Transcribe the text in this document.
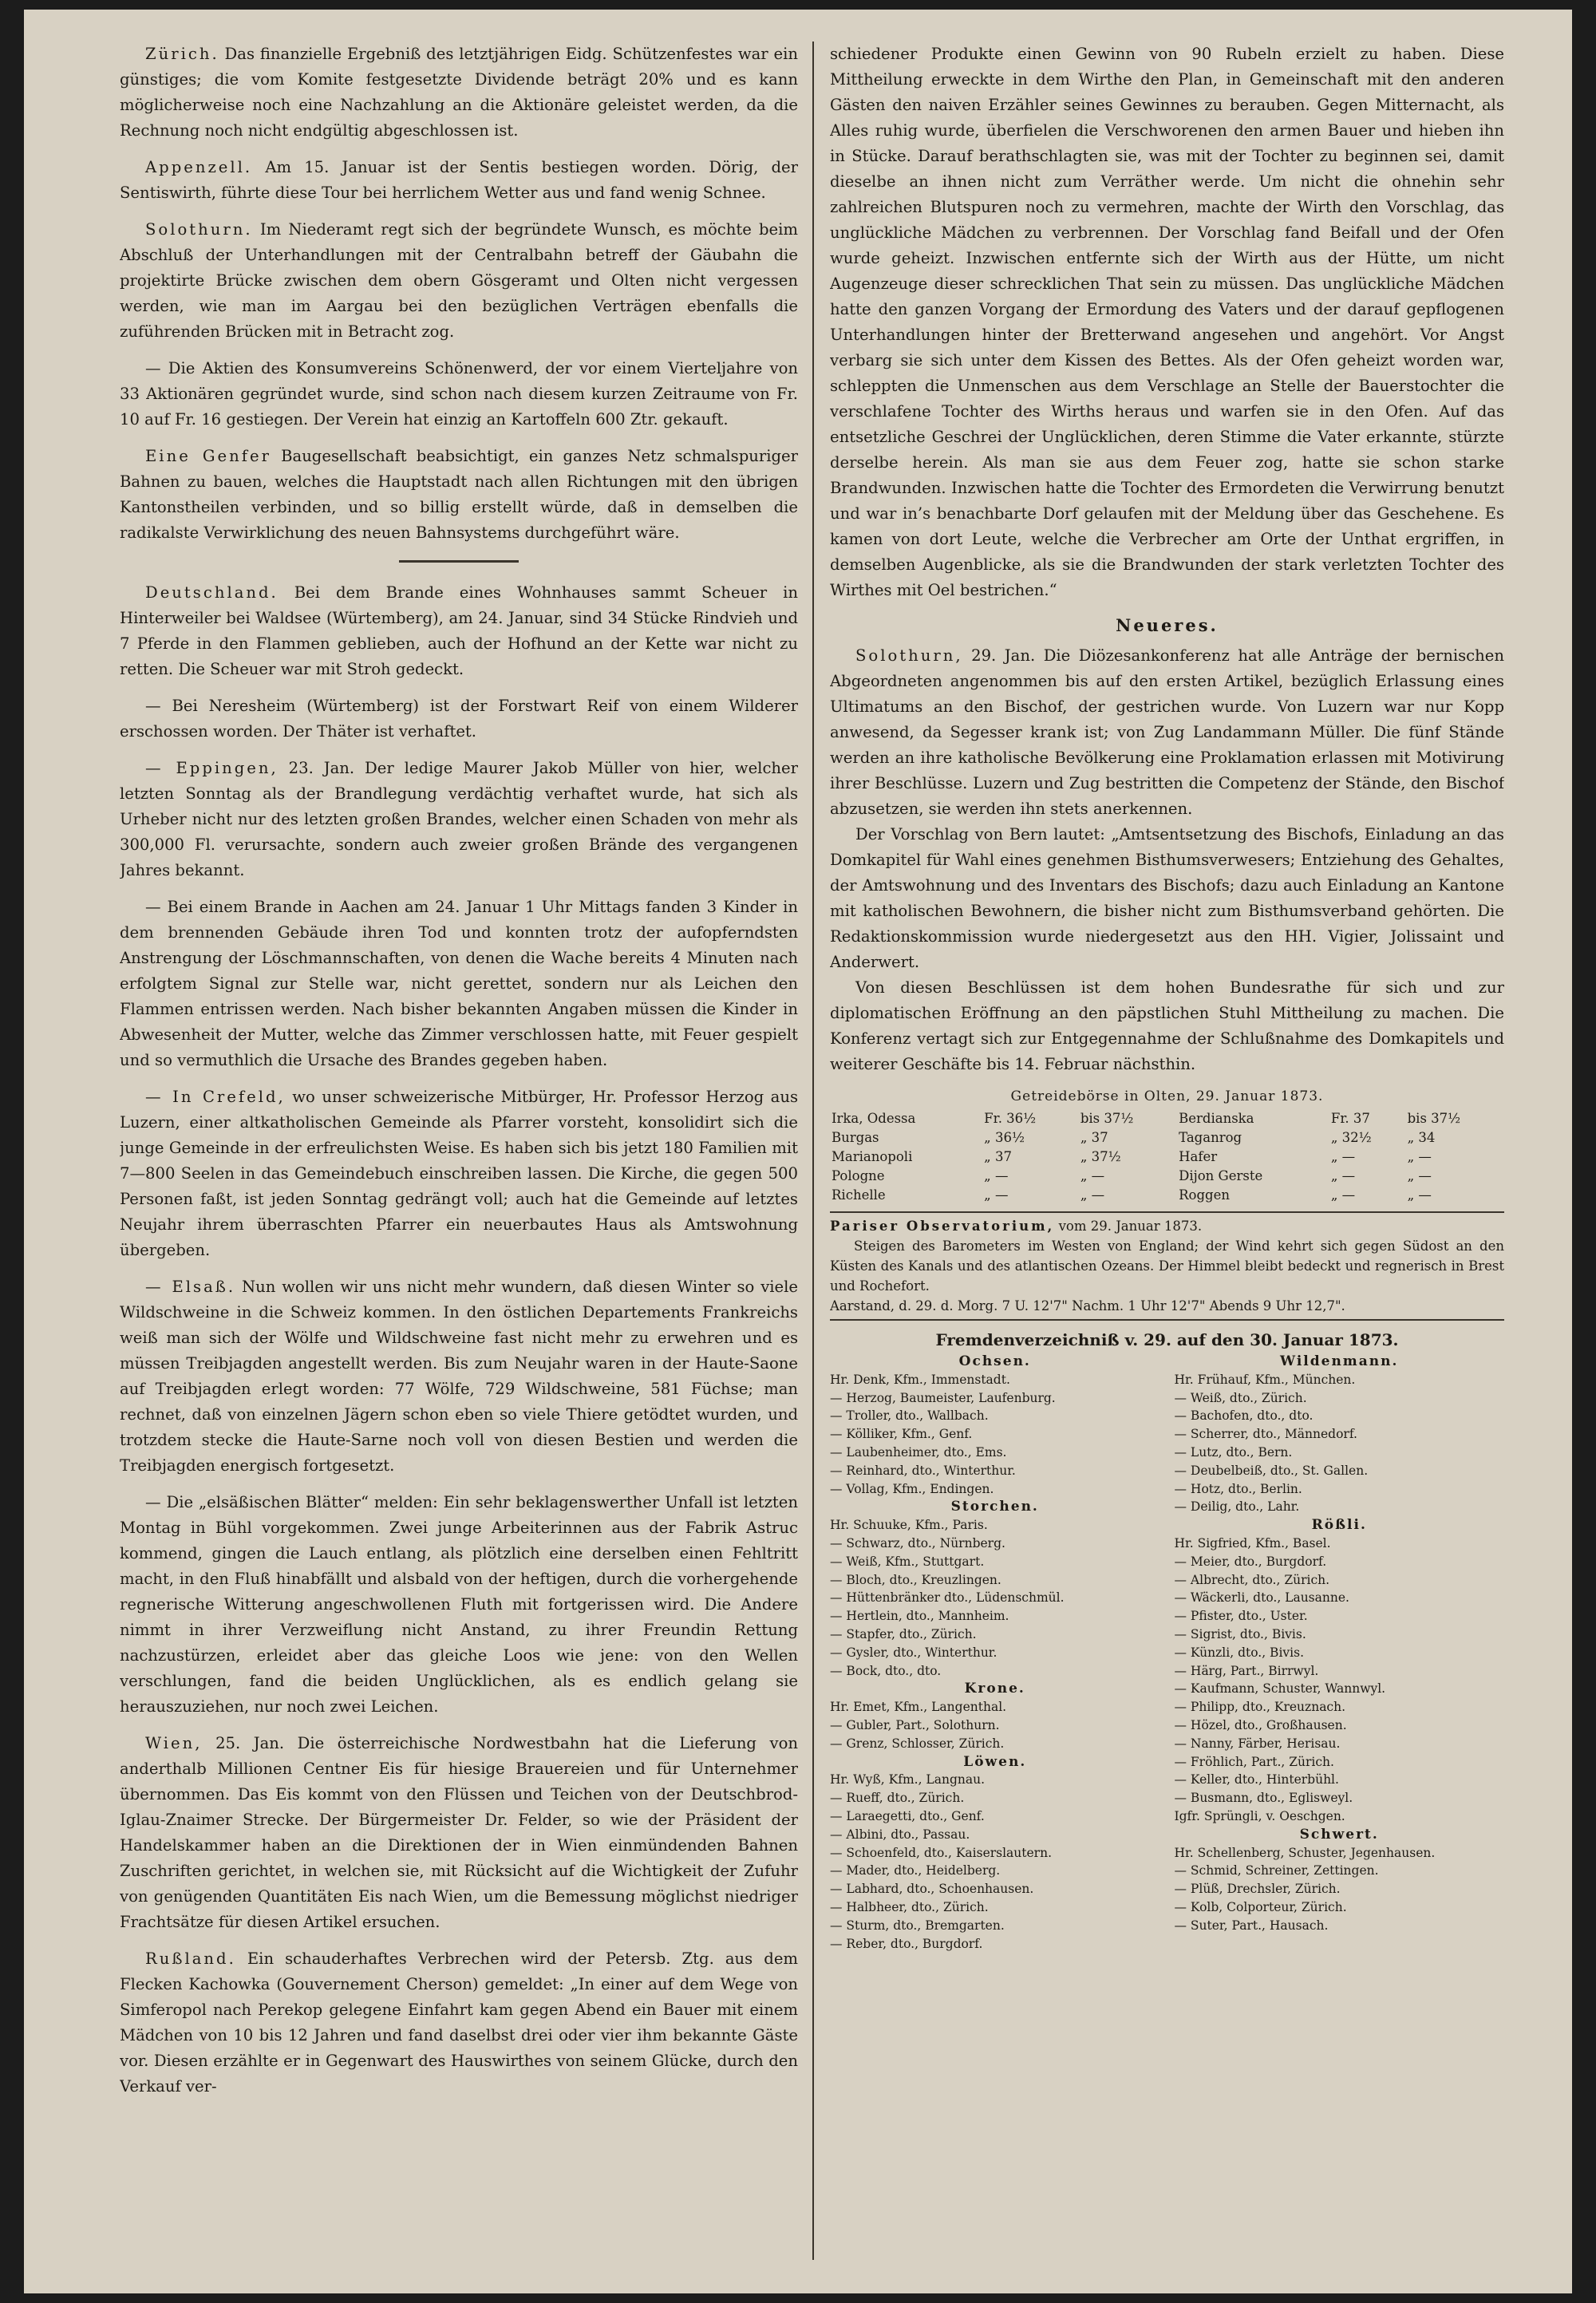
Zürich. Das finanzielle Ergebniß des letztjährigen Eidg. Schützenfestes war ein günstiges; die vom Komite festgesetzte Dividende beträgt 20% und es kann möglicherweise noch eine Nachzahlung an die Aktionäre geleistet werden, da die Rechnung noch nicht endgültig abgeschlossen ist.

Appenzell. Am 15. Januar ist der Sentis bestiegen worden. Dörig, der Sentiswirth, führte diese Tour bei herrlichem Wetter aus und fand wenig Schnee.

Solothurn. Im Niederamt regt sich der begründete Wunsch, es möchte beim Abschluß der Unterhandlungen mit der Centralbahn betreff der Gäubahn die projektirte Brücke zwischen dem obern Gösgeramt und Olten nicht vergessen werden, wie man im Aargau bei den bezüglichen Verträgen ebenfalls die zuführenden Brücken mit in Betracht zog.

— Die Aktien des Konsumvereins Schönenwerd, der vor einem Vierteljahre von 33 Aktionären gegründet wurde, sind schon nach diesem kurzen Zeitraume von Fr. 10 auf Fr. 16 gestiegen. Der Verein hat einzig an Kartoffeln 600 Ztr. gekauft.

Eine Genfer Baugesellschaft beabsichtigt, ein ganzes Netz schmalspuriger Bahnen zu bauen, welches die Hauptstadt nach allen Richtungen mit den übrigen Kantonstheilen verbinden, und so billig erstellt würde, daß in demselben die radikalste Verwirklichung des neuen Bahnsystems durchgeführt wäre.

Deutschland. Bei dem Brande eines Wohnhauses sammt Scheuer in Hinterweiler bei Waldsee (Würtemberg), am 24. Januar, sind 34 Stücke Rindvieh und 7 Pferde in den Flammen geblieben, auch der Hofhund an der Kette war nicht zu retten. Die Scheuer war mit Stroh gedeckt.

— Bei Neresheim (Würtemberg) ist der Forstwart Reif von einem Wilderer erschossen worden. Der Thäter ist verhaftet.

— Eppingen, 23. Jan. Der ledige Maurer Jakob Müller von hier, welcher letzten Sonntag als der Brandlegung verdächtig verhaftet wurde, hat sich als Urheber nicht nur des letzten großen Brandes, welcher einen Schaden von mehr als 300,000 Fl. verursachte, sondern auch zweier großen Brände des vergangenen Jahres bekannt.

— Bei einem Brande in Aachen am 24. Januar 1 Uhr Mittags fanden 3 Kinder in dem brennenden Gebäude ihren Tod und konnten trotz der aufopferndsten Anstrengung der Löschmannschaften, von denen die Wache bereits 4 Minuten nach erfolgtem Signal zur Stelle war, nicht gerettet, sondern nur als Leichen den Flammen entrissen werden. Nach bisher bekannten Angaben müssen die Kinder in Abwesenheit der Mutter, welche das Zimmer verschlossen hatte, mit Feuer gespielt und so vermuthlich die Ursache des Brandes gegeben haben.

— In Crefeld, wo unser schweizerische Mitbürger, Hr. Professor Herzog aus Luzern, einer altkatholischen Gemeinde als Pfarrer vorsteht, konsolidirt sich die junge Gemeinde in der erfreulichsten Weise. Es haben sich bis jetzt 180 Familien mit 7—800 Seelen in das Gemeindebuch einschreiben lassen. Die Kirche, die gegen 500 Personen faßt, ist jeden Sonntag gedrängt voll; auch hat die Gemeinde auf letztes Neujahr ihrem überraschten Pfarrer ein neuerbautes Haus als Amtswohnung übergeben.

— Elsaß. Nun wollen wir uns nicht mehr wundern, daß diesen Winter so viele Wildschweine in die Schweiz kommen. In den östlichen Departements Frankreichs weiß man sich der Wölfe und Wildschweine fast nicht mehr zu erwehren und es müssen Treibjagden angestellt werden. Bis zum Neujahr waren in der Haute-Saone auf Treibjagden erlegt worden: 77 Wölfe, 729 Wildschweine, 581 Füchse; man rechnet, daß von einzelnen Jägern schon eben so viele Thiere getödtet wurden, und trotzdem stecke die Haute-Sarne noch voll von diesen Bestien und werden die Treibjagden energisch fortgesetzt.

— Die „elsäßischen Blätter“ melden: Ein sehr beklagenswerther Unfall ist letzten Montag in Bühl vorgekommen. Zwei junge Arbeiterinnen aus der Fabrik Astruc kommend, gingen die Lauch entlang, als plötzlich eine derselben einen Fehltritt macht, in den Fluß hinabfällt und alsbald von der heftigen, durch die vorhergehende regnerische Witterung angeschwollenen Fluth mit fortgerissen wird. Die Andere nimmt in ihrer Verzweiflung nicht Anstand, zu ihrer Freundin Rettung nachzustürzen, erleidet aber das gleiche Loos wie jene: von den Wellen verschlungen, fand die beiden Unglücklichen, als es endlich gelang sie herauszuziehen, nur noch zwei Leichen.

Wien, 25. Jan. Die österreichische Nordwestbahn hat die Lieferung von anderthalb Millionen Centner Eis für hiesige Brauereien und für Unternehmer übernommen. Das Eis kommt von den Flüssen und Teichen von der Deutschbrod-Iglau-Znaimer Strecke. Der Bürgermeister Dr. Felder, so wie der Präsident der Handelskammer haben an die Direktionen der in Wien einmündenden Bahnen Zuschriften gerichtet, in welchen sie, mit Rücksicht auf die Wichtigkeit der Zufuhr von genügenden Quantitäten Eis nach Wien, um die Bemessung möglichst niedriger Frachtsätze für diesen Artikel ersuchen.

Rußland. Ein schauderhaftes Verbrechen wird der Petersb. Ztg. aus dem Flecken Kachowka (Gouvernement Cherson) gemeldet: „In einer auf dem Wege von Simferopol nach Perekop gelegene Einfahrt kam gegen Abend ein Bauer mit einem Mädchen von 10 bis 12 Jahren und fand daselbst drei oder vier ihm bekannte Gäste vor. Diesen erzählte er in Gegenwart des Hauswirthes von seinem Glücke, durch den Verkauf ver-

schiedener Produkte einen Gewinn von 90 Rubeln erzielt zu haben. Diese Mittheilung erweckte in dem Wirthe den Plan, in Gemeinschaft mit den anderen Gästen den naiven Erzähler seines Gewinnes zu berauben. Gegen Mitternacht, als Alles ruhig wurde, überfielen die Verschworenen den armen Bauer und hieben ihn in Stücke. Darauf berathschlagten sie, was mit der Tochter zu beginnen sei, damit dieselbe an ihnen nicht zum Verräther werde. Um nicht die ohnehin sehr zahlreichen Blutspuren noch zu vermehren, machte der Wirth den Vorschlag, das unglückliche Mädchen zu verbrennen. Der Vorschlag fand Beifall und der Ofen wurde geheizt. Inzwischen entfernte sich der Wirth aus der Hütte, um nicht Augenzeuge dieser schrecklichen That sein zu müssen. Das unglückliche Mädchen hatte den ganzen Vorgang der Ermordung des Vaters und der darauf gepflogenen Unterhandlungen hinter der Bretterwand angesehen und angehört. Vor Angst verbarg sie sich unter dem Kissen des Bettes. Als der Ofen geheizt worden war, schleppten die Unmenschen aus dem Verschlage an Stelle der Bauerstochter die verschlafene Tochter des Wirths heraus und warfen sie in den Ofen. Auf das entsetzliche Geschrei der Unglücklichen, deren Stimme die Vater erkannte, stürzte derselbe herein. Als man sie aus dem Feuer zog, hatte sie schon starke Brandwunden. Inzwischen hatte die Tochter des Ermordeten die Verwirrung benutzt und war in’s benachbarte Dorf gelaufen mit der Meldung über das Geschehene. Es kamen von dort Leute, welche die Verbrecher am Orte der Unthat ergriffen, in demselben Augenblicke, als sie die Brandwunden der stark verletzten Tochter des Wirthes mit Oel bestrichen.“

Neueres.

Solothurn, 29. Jan. Die Diözesankonferenz hat alle Anträge der bernischen Abgeordneten angenommen bis auf den ersten Artikel, bezüglich Erlassung eines Ultimatums an den Bischof, der gestrichen wurde. Von Luzern war nur Kopp anwesend, da Segesser krank ist; von Zug Landammann Müller. Die fünf Stände werden an ihre katholische Bevölkerung eine Proklamation erlassen mit Motivirung ihrer Beschlüsse. Luzern und Zug bestritten die Competenz der Stände, den Bischof abzusetzen, sie werden ihn stets anerkennen.

Der Vorschlag von Bern lautet: „Amtsentsetzung des Bischofs, Einladung an das Domkapitel für Wahl eines genehmen Bisthumsverwesers; Entziehung des Gehaltes, der Amtswohnung und des Inventars des Bischofs; dazu auch Einladung an Kantone mit katholischen Bewohnern, die bisher nicht zum Bisthumsverband gehörten. Die Redaktionskommission wurde niedergesetzt aus den HH. Vigier, Jolissaint und Anderwert.

Von diesen Beschlüssen ist dem hohen Bundesrathe für sich und zur diplomatischen Eröffnung an den päpstlichen Stuhl Mittheilung zu machen. Die Konferenz vertagt sich zur Entgegennahme der Schlußnahme des Domkapitels und weiterer Geschäfte bis 14. Februar nächsthin.

Getreidebörse in Olten, 29. Januar 1873.
Irka, Odessa	Fr. 36½	bis 37½	Berdianska	Fr. 37	bis 37½
Burgas	„ 36½	„ 37	Taganrog	„ 32½	„ 34
Marianopoli	„ 37	„ 37½	Hafer	„ —	„ —
Pologne	„ —	„ —	Dijon Gerste	„ —	„ —
Richelle	„ —	„ —	Roggen	„ —	„ —
Pariser Observatorium, vom 29. Januar 1873.
Steigen des Barometers im Westen von England; der Wind kehrt sich gegen Südost an den Küsten des Kanals und des atlantischen Ozeans. Der Himmel bleibt bedeckt und regnerisch in Brest und Rochefort.
Aarstand, d. 29. d. Morg. 7 U. 12'7" Nachm. 1 Uhr 12'7" Abends 9 Uhr 12,7".
Fremdenverzeichniß v. 29. auf den 30. Januar 1873.
Ochsen.
Hr. Denk, Kfm., Immenstadt.
— Herzog, Baumeister, Laufenburg.
— Troller, dto., Wallbach.
— Kölliker, Kfm., Genf.
— Laubenheimer, dto., Ems.
— Reinhard, dto., Winterthur.
— Vollag, Kfm., Endingen.
Storchen.
Hr. Schuuke, Kfm., Paris.
— Schwarz, dto., Nürnberg.
— Weiß, Kfm., Stuttgart.
— Bloch, dto., Kreuzlingen.
— Hüttenbränker dto., Lüdenschmül.
— Hertlein, dto., Mannheim.
— Stapfer, dto., Zürich.
— Gysler, dto., Winterthur.
— Bock, dto., dto.
Krone.
Hr. Emet, Kfm., Langenthal.
— Gubler, Part., Solothurn.
— Grenz, Schlosser, Zürich.
Löwen.
Hr. Wyß, Kfm., Langnau.
— Rueff, dto., Zürich.
— Laraegetti, dto., Genf.
— Albini, dto., Passau.
— Schoenfeld, dto., Kaiserslautern.
— Mader, dto., Heidelberg.
— Labhard, dto., Schoenhausen.
— Halbheer, dto., Zürich.
— Sturm, dto., Bremgarten.
— Reber, dto., Burgdorf.
Wildenmann.
Hr. Frühauf, Kfm., München.
— Weiß, dto., Zürich.
— Bachofen, dto., dto.
— Scherrer, dto., Männedorf.
— Lutz, dto., Bern.
— Deubelbeiß, dto., St. Gallen.
— Hotz, dto., Berlin.
— Deilig, dto., Lahr.
Rößli.
Hr. Sigfried, Kfm., Basel.
— Meier, dto., Burgdorf.
— Albrecht, dto., Zürich.
— Wäckerli, dto., Lausanne.
— Pfister, dto., Uster.
— Sigrist, dto., Bivis.
— Künzli, dto., Bivis.
— Härg, Part., Birrwyl.
— Kaufmann, Schuster, Wannwyl.
— Philipp, dto., Kreuznach.
— Hözel, dto., Großhausen.
— Nanny, Färber, Herisau.
— Fröhlich, Part., Zürich.
— Keller, dto., Hinterbühl.
— Busmann, dto., Eglisweyl.
Igfr. Sprüngli, v. Oeschgen.
Schwert.
Hr. Schellenberg, Schuster, Jegenhausen.
— Schmid, Schreiner, Zettingen.
— Plüß, Drechsler, Zürich.
— Kolb, Colporteur, Zürich.
— Suter, Part., Hausach.
